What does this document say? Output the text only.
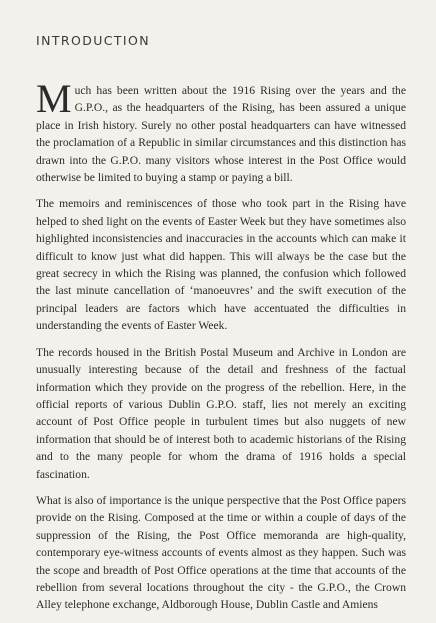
INTRODUCTION

Much has been written about the 1916 Rising over the years and the G.P.O., as the headquarters of the Rising, has been assured a unique place in Irish history. Surely no other postal headquarters can have witnessed the proclamation of a Republic in similar circumstances and this distinction has drawn into the G.P.O. many visitors whose interest in the Post Office would otherwise be limited to buying a stamp or paying a bill.

The memoirs and reminiscences of those who took part in the Rising have helped to shed light on the events of Easter Week but they have sometimes also highlighted inconsistencies and inaccuracies in the accounts which can make it difficult to know just what did happen. This will always be the case but the great secrecy in which the Rising was planned, the confusion which followed the last minute cancellation of ‘manoeuvres’ and the swift execution of the principal leaders are factors which have accentuated the difficulties in understanding the events of Easter Week.

The records housed in the British Postal Museum and Archive in London are unusually interesting because of the detail and freshness of the factual information which they provide on the progress of the rebellion. Here, in the official reports of various Dublin G.P.O. staff, lies not merely an exciting account of Post Office people in turbulent times but also nuggets of new information that should be of interest both to academic historians of the Rising and to the many people for whom the drama of 1916 holds a special fascination.

What is also of importance is the unique perspective that the Post Office papers provide on the Rising. Composed at the time or within a couple of days of the suppression of the Rising, the Post Office memoranda are high-quality, contemporary eye-witness accounts of events almost as they happen. Such was the scope and breadth of Post Office operations at the time that accounts of the rebellion from several locations throughout the city - the G.P.O., the Crown Alley telephone exchange, Aldborough House, Dublin Castle and Amiens
